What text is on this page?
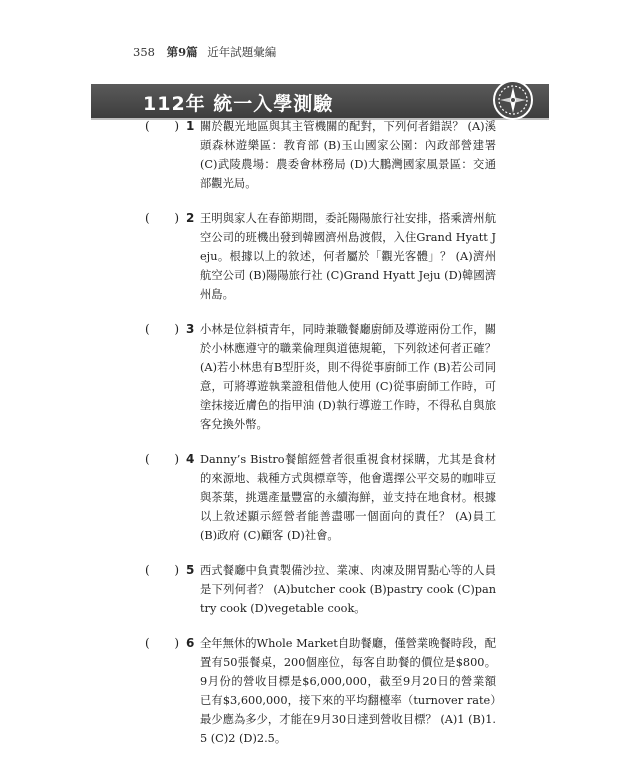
358 第9篇 近年試題彙編
112年 統一入學測驗
( ) 1 關於觀光地區與其主管機關的配對，下列何者錯誤？ (A)溪頭森林遊樂區：教育部 (B)玉山國家公園：內政部營建署 (C)武陵農場：農委會林務局 (D)大鵬灣國家風景區：交通部觀光局。
( ) 2 王明與家人在春節期間，委託陽陽旅行社安排，搭乘濟州航空公司的班機出發到韓國濟州島渡假，入住Grand Hyatt Jeju。根據以上的敘述，何者屬於「觀光客體」？ (A)濟州航空公司 (B)陽陽旅行社 (C)Grand Hyatt Jeju (D)韓國濟州島。
( ) 3 小林是位斜槓青年，同時兼職餐廳廚師及導遊兩份工作，關於小林應遵守的職業倫理與道德規範，下列敘述何者正確？ (A)若小林患有B型肝炎，則不得從事廚師工作 (B)若公司同意，可將導遊執業證租借他人使用 (C)從事廚師工作時，可塗抹接近膚色的指甲油 (D)執行導遊工作時，不得私自與旅客兌換外幣。
( ) 4 Danny’s Bistro餐館經營者很重視食材採購，尤其是食材的來源地、栽種方式與標章等，他會選擇公平交易的咖啡豆與茶葉，挑選產量豐富的永續海鮮，並支持在地食材。根據以上敘述顯示經營者能善盡哪一個面向的責任？ (A)員工 (B)政府 (C)顧客 (D)社會。
( ) 5 西式餐廳中負責製備沙拉、業凍、肉凍及開胃點心等的人員是下列何者？ (A)butcher cook (B)pastry cook (C)pantry cook (D)vegetable cook。
( ) 6 全年無休的Whole Market自助餐廳，僅營業晚餐時段，配置有50張餐桌，200個座位，每客自助餐的價位是$800。9月份的營收目標是$6,000,000，截至9月20日的營業額已有$3,600,000，接下來的平均翻檯率（turnover rate）最少應為多少，才能在9月30日達到營收目標？ (A)1 (B)1.5 (C)2 (D)2.5。
